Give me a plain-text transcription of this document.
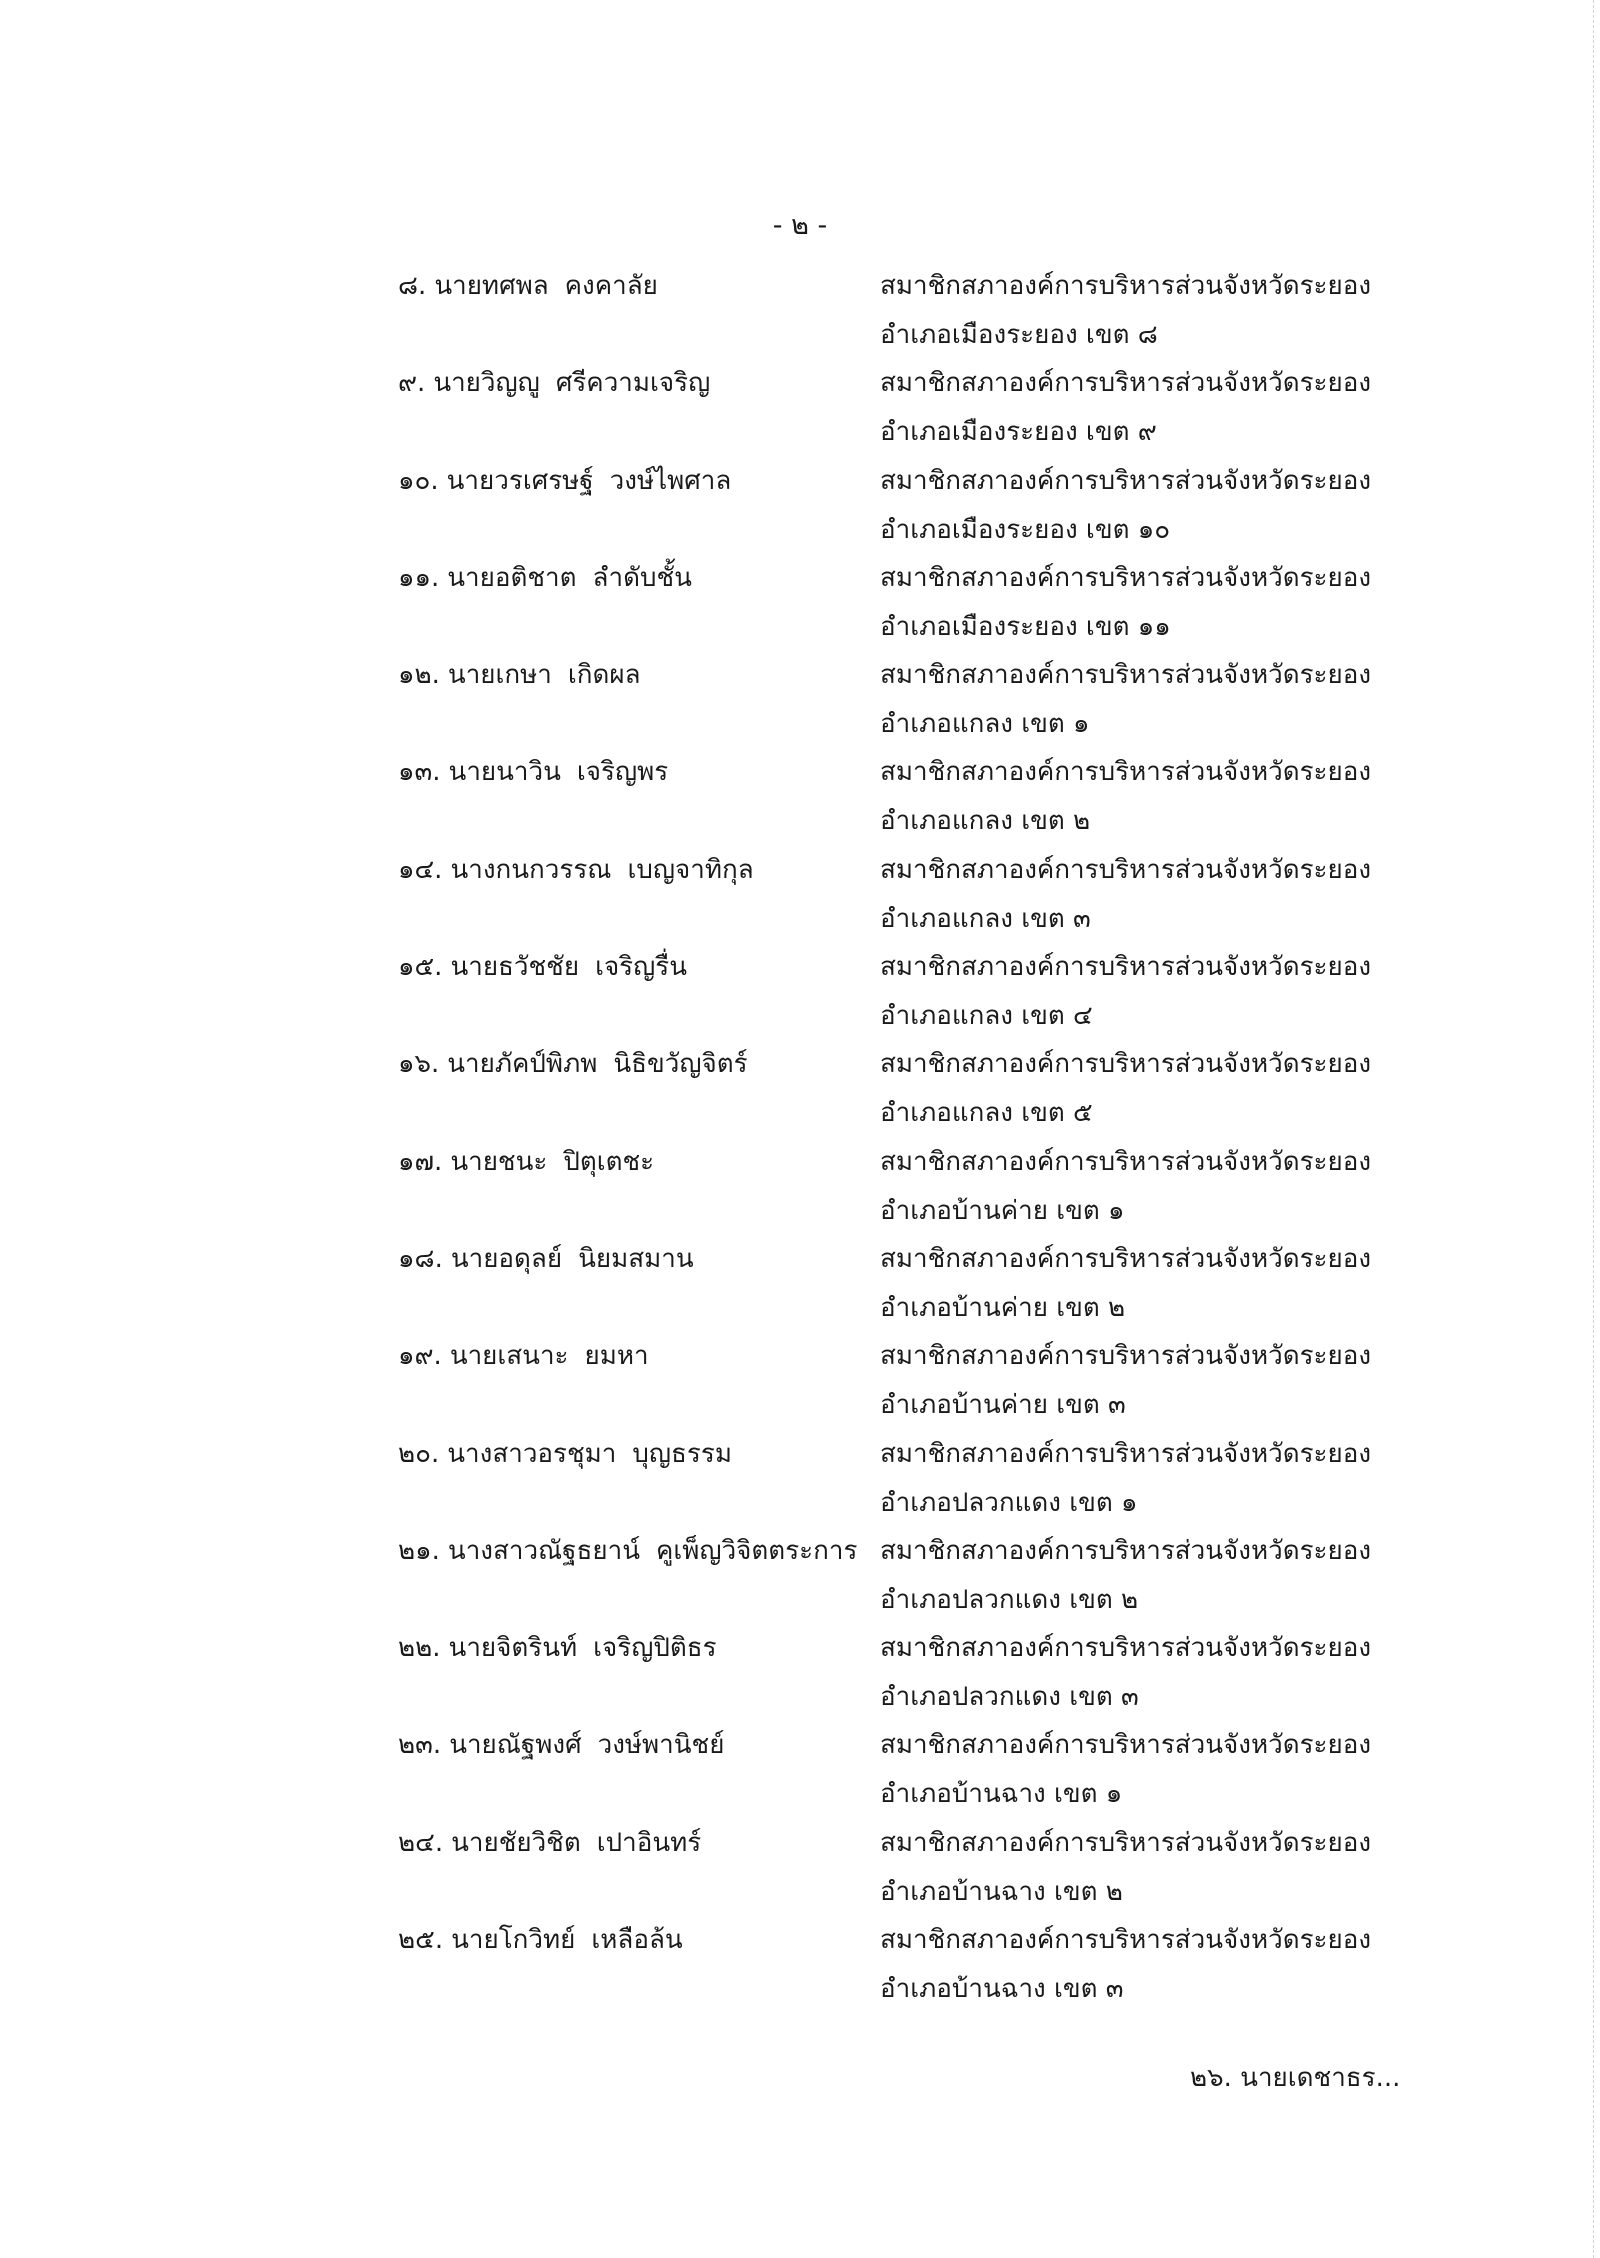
- ๒ -
๘. นายทศพล คงคาลัย	สมาชิกสภาองค์การบริหารส่วนจังหวัดระยอง
อำเภอเมืองระยอง เขต ๘
๙. นายวิญญู ศรีความเจริญ	สมาชิกสภาองค์การบริหารส่วนจังหวัดระยอง
อำเภอเมืองระยอง เขต ๙
๑๐. นายวรเศรษฐ์ วงษ์ไพศาล	สมาชิกสภาองค์การบริหารส่วนจังหวัดระยอง
อำเภอเมืองระยอง เขต ๑๐
๑๑. นายอติชาต ลำดับชั้น	สมาชิกสภาองค์การบริหารส่วนจังหวัดระยอง
อำเภอเมืองระยอง เขต ๑๑
๑๒. นายเกษา เกิดผล	สมาชิกสภาองค์การบริหารส่วนจังหวัดระยอง
อำเภอแกลง เขต ๑
๑๓. นายนาวิน เจริญพร	สมาชิกสภาองค์การบริหารส่วนจังหวัดระยอง
อำเภอแกลง เขต ๒
๑๔. นางกนกวรรณ เบญจาทิกุล	สมาชิกสภาองค์การบริหารส่วนจังหวัดระยอง
อำเภอแกลง เขต ๓
๑๕. นายธวัชชัย เจริญรื่น	สมาชิกสภาองค์การบริหารส่วนจังหวัดระยอง
อำเภอแกลง เขต ๔
๑๖. นายภัคป์พิภพ นิธิขวัญจิตร์	สมาชิกสภาองค์การบริหารส่วนจังหวัดระยอง
อำเภอแกลง เขต ๕
๑๗. นายชนะ ปิตุเตชะ	สมาชิกสภาองค์การบริหารส่วนจังหวัดระยอง
อำเภอบ้านค่าย เขต ๑
๑๘. นายอดุลย์ นิยมสมาน	สมาชิกสภาองค์การบริหารส่วนจังหวัดระยอง
อำเภอบ้านค่าย เขต ๒
๑๙. นายเสนาะ ยมหา	สมาชิกสภาองค์การบริหารส่วนจังหวัดระยอง
อำเภอบ้านค่าย เขต ๓
๒๐. นางสาวอรชุมา บุญธรรม	สมาชิกสภาองค์การบริหารส่วนจังหวัดระยอง
อำเภอปลวกแดง เขต ๑
๒๑. นางสาวณัฐธยาน์ คูเพ็ญวิจิตตระการ สมาชิกสภาองค์การบริหารส่วนจังหวัดระยอง
อำเภอปลวกแดง เขต ๒
๒๒. นายจิตรินท์ เจริญปิติธร	สมาชิกสภาองค์การบริหารส่วนจังหวัดระยอง
อำเภอปลวกแดง เขต ๓
๒๓. นายณัฐพงศ์ วงษ์พานิชย์	สมาชิกสภาองค์การบริหารส่วนจังหวัดระยอง
อำเภอบ้านฉาง เขต ๑
๒๔. นายชัยวิชิต เปาอินทร์	สมาชิกสภาองค์การบริหารส่วนจังหวัดระยอง
อำเภอบ้านฉาง เขต ๒
๒๕. นายโกวิทย์ เหลือล้น	สมาชิกสภาองค์การบริหารส่วนจังหวัดระยอง
อำเภอบ้านฉาง เขต ๓
๒๖. นายเดชาธร...
